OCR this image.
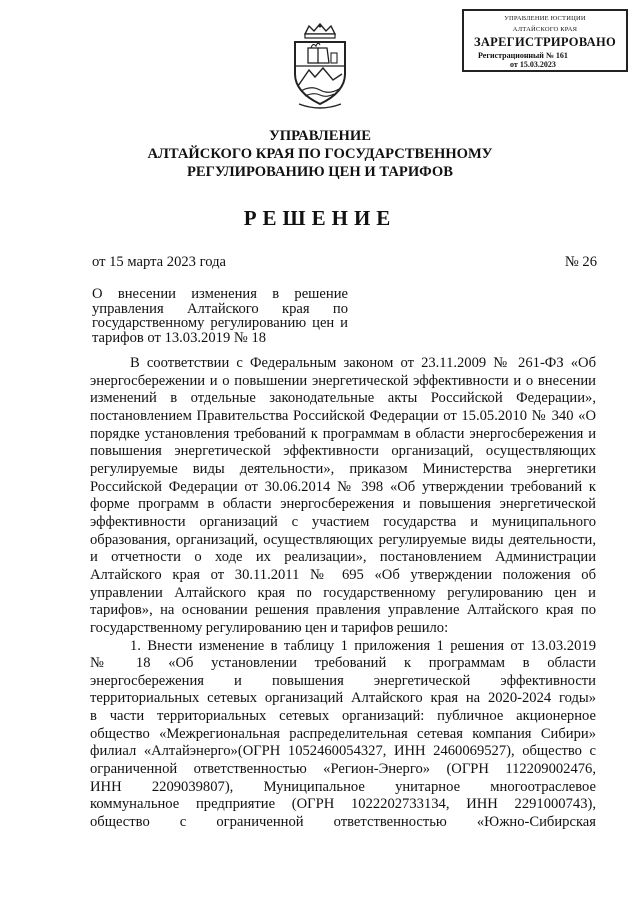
УПРАВЛЕНИЕ ЮСТИЦИИ
АЛТАЙСКОГО КРАЯ
ЗАРЕГИСТРИРОВАНО
Регистрационный № 161
от 15.03.2023
УПРАВЛЕНИЕ
АЛТАЙСКОГО КРАЯ ПО ГОСУДАРСТВЕННОМУ
РЕГУЛИРОВАНИЮ ЦЕН И ТАРИФОВ
РЕШЕНИЕ
от 15 марта 2023 года	№ 26
О внесении изменения в решение управления Алтайского края по государственному регулированию цен и тарифов от 13.03.2019 № 18

В соответствии с Федеральным законом от 23.11.2009 № 261-ФЗ «Об энергосбережении и о повышении энергетической эффективности и о внесении изменений в отдельные законодательные акты Российской Федерации», постановлением Правительства Российской Федерации от 15.05.2010 № 340 «О порядке установления требований к программам в области энергосбережения и повышения энергетической эффективности организаций, осуществляющих регулируемые виды деятельности», приказом Министерства энергетики Российской Федерации от 30.06.2014 № 398 «Об утверждении требований к форме программ в области энергосбережения и повышения энергетической эффективности организаций с участием государства и муниципального образования, организаций, осуществляющих регулируемые виды деятельности, и отчетности о ходе их реализации», постановлением Администрации Алтайского края от 30.11.2011 № 695 «Об утверждении положения об управлении Алтайского края по государственному регулированию цен и тарифов», на основании решения правления управление Алтайского края по государственному регулированию цен и тарифов решило:

1. Внести изменение в таблицу 1 приложения 1 решения от 13.03.2019
№ 18 «Об установлении требований к программам в области
энергосбережения и повышения энергетической эффективности
территориальных сетевых организаций Алтайского края на 2020-2024 годы»
в части территориальных сетевых организаций: публичное акционерное
общество «Межрегиональная распределительная сетевая компания Сибири»
филиал «Алтайэнерго»(ОГРН 1052460054327, ИНН 2460069527), общество с
ограниченной ответственностью «Регион-Энерго» (ОГРН 112209002476,
ИНН 2209039807), Муниципальное унитарное многоотраслевое
коммунальное предприятие (ОГРН 1022202733134, ИНН 2291000743),
общество с ограниченной ответственностью «Южно-Сибирская
